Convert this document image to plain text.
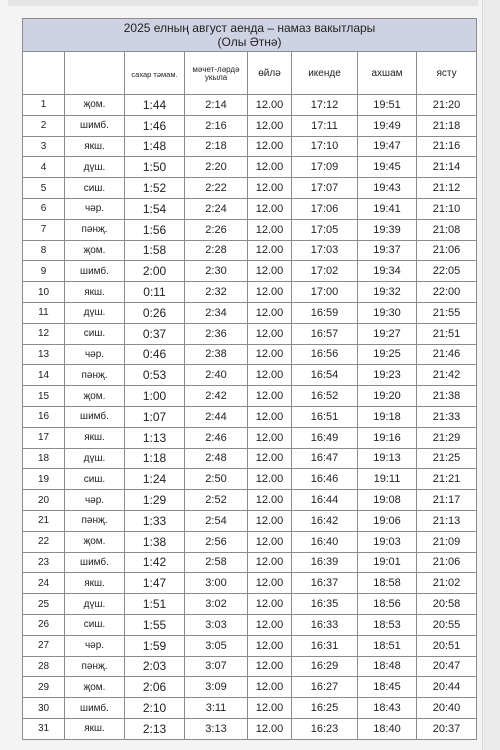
2025 елның август аенда – намаз вакытлары
(Олы Әтнә)							

		сахар тәмам.	мәчет-ләрдә укыла	өйлә	икенде	ахшам	ясту
1	җом.	1:44	2:14	12.00	17:12	19:51	21:20
2	шимб.	1:46	2:16	12.00	17:11	19:49	21:18
3	якш.	1:48	2:18	12.00	17:10	19:47	21:16
4	дүш.	1:50	2:20	12.00	17:09	19:45	21:14
5	сиш.	1:52	2:22	12.00	17:07	19:43	21:12
6	чәр.	1:54	2:24	12.00	17:06	19:41	21:10
7	пәнҗ.	1:56	2:26	12.00	17:05	19:39	21:08
8	җом.	1:58	2:28	12.00	17:03	19:37	21:06
9	шимб.	2:00	2:30	12.00	17:02	19:34	22:05
10	якш.	0:11	2:32	12.00	17:00	19:32	22:00
11	дүш.	0:26	2:34	12.00	16:59	19:30	21:55
12	сиш.	0:37	2:36	12.00	16:57	19:27	21:51
13	чәр.	0:46	2:38	12.00	16:56	19:25	21:46
14	пәнҗ.	0:53	2:40	12.00	16:54	19:23	21:42
15	җом.	1:00	2:42	12.00	16:52	19:20	21:38
16	шимб.	1:07	2:44	12.00	16:51	19:18	21:33
17	якш.	1:13	2:46	12.00	16:49	19:16	21:29
18	дүш.	1:18	2:48	12.00	16:47	19:13	21:25
19	сиш.	1:24	2:50	12.00	16:46	19:11	21:21
20	чәр.	1:29	2:52	12.00	16:44	19:08	21:17
21	пәнҗ.	1:33	2:54	12.00	16:42	19:06	21:13
22	җом.	1:38	2:56	12.00	16:40	19:03	21:09
23	шимб.	1:42	2:58	12.00	16:39	19:01	21:06
24	якш.	1:47	3:00	12.00	16:37	18:58	21:02
25	дүш.	1:51	3:02	12.00	16:35	18:56	20:58
26	сиш.	1:55	3:03	12.00	16:33	18:53	20:55
27	чәр.	1:59	3:05	12.00	16:31	18:51	20:51
28	пәнҗ.	2:03	3:07	12.00	16:29	18:48	20:47
29	җом.	2:06	3:09	12.00	16:27	18:45	20:44
30	шимб.	2:10	3:11	12.00	16:25	18:43	20:40
31	якш.	2:13	3:13	12.00	16:23	18:40	20:37
